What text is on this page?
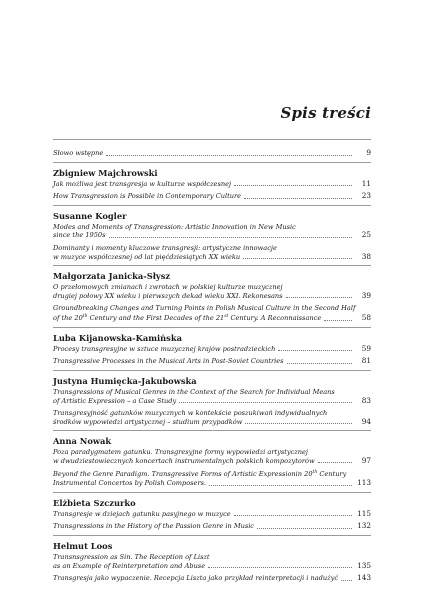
Spis treści
Słowo wstępne	9
Zbigniew Majchrowski
Jak możliwa jest transgresja w kulturze współczesnej	11
How Transgression is Possible in Contemporary Culture	23
Susanne Kogler
Modes and Moments of Transgression: Artistic Innovation in New Music
since the 1950s	25
Dominanty i momenty kluczowe transgresji: artystyczne innowacje
w muzyce współczesnej od lat pięćdziesiątych XX wieku	38
Małgorzata Janicka-Słysz
O przełomowych zmianach i zwrotach w polskiej kulturze muzycznej
drugiej połowy XX wieku i pierwszych dekad wieku XXI. Rekonesans	39
Groundbreaking Changes and Turning Points in Polish Musical Culture in the Second Half
of the 20th Century and the First Decades of the 21st Century. A Reconnaissance	58
Luba Kijanowska-Kamińska
Procesy transgresyjne w sztuce muzycznej krajów postradzieckich	59
Transgressive Processes in the Musical Arts in Post-Soviet Countries	81
Justyna Humięcka-Jakubowska
Transgressions of Musical Genres in the Context of the Search for Individual Means
of Artistic Expression – a Case Study	83
Transgresyjność gatunków muzycznych w kontekście poszukiwań indywidualnych
środków wypowiedzi artystycznej – studium przypadków	94
Anna Nowak
Poza paradygmatem gatunku. Transgresyjne formy wypowiedzi artystycznej
w dwudziestowiecznych koncertach instrumentalnych polskich kompozytorów	97
Beyond the Genre Paradigm. Transgressive Forms of Artistic Expressionin 20th Century
Instrumental Concertos by Polish Composers.	113
Elżbieta Szczurko
Transgresje w dziejach gatunku pasyjnego w muzyce	115
Transgressions in the History of the Passion Genre in Music	132
Helmut Loos
Transnsgression as Sin. The Reception of Liszt
as an Example of Reinterpretation and Abuse	135
Transgresja jako wypaczenie. Recepcja Liszta jako przykład reinterpretacji i nadużyć	143
